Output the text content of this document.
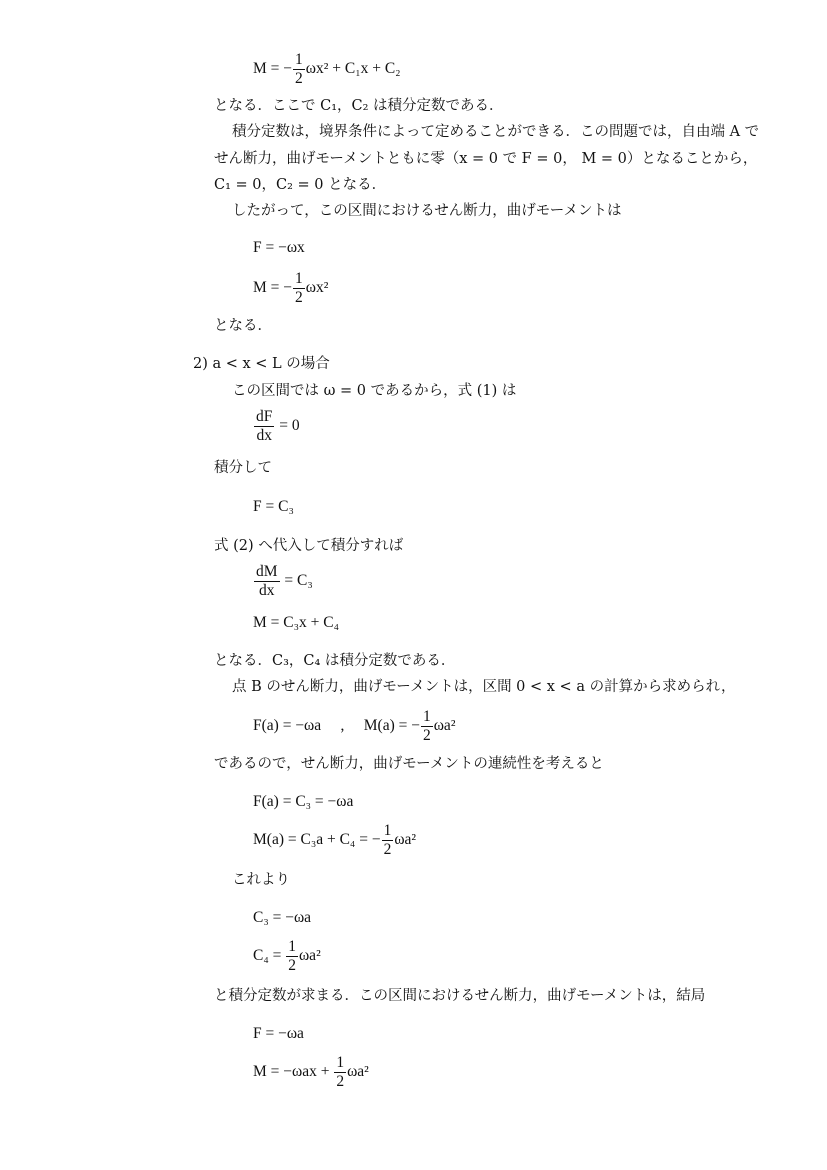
M = − $\frac{1}{2} \omega x^2 + C_1x + C_2$
となる．ここで C₁，C₂ は積分定数である．
積分定数は，境界条件によって定めることができる．この問題では，自由端 A で
せん断力，曲げモーメントともに零（x = 0 で F = 0， M = 0）となることから，
C₁ = 0，C₂ = 0 となる．
したがって，この区間におけるせん断力，曲げモーメントは
F = −ωx
M = − $\frac{1}{2} \omega x^2$
となる．
2) a < x < L の場合
この区間では ω = 0 であるから，式 (1) は
$\frac{dF}{dx} = 0$
積分して
F = C₃
式 (2) へ代入して積分すれば
$\frac{dM}{dx} = C_3$
M = C₃x + C₄
となる．C₃，C₄ は積分定数である．
点 B のせん断力，曲げモーメントは，区間 0 < x < a の計算から求められ，
F(a) = −ωa     ,     M(a) = − $\frac{1}{2} \omega a^2$
であるので，せん断力，曲げモーメントの連続性を考えると
F(a) = C₃ = −ωa
M(a) = C₃a + C₄ = − $\frac{1}{2} \omega a^2$
これより
C₃ = −ωa
$C_4 = \frac{1}{2} \omega a^2$
と積分定数が求まる．この区間におけるせん断力，曲げモーメントは，結局
F = −ωa
$M = -\omega ax + \frac{1}{2} \omega a^2$
